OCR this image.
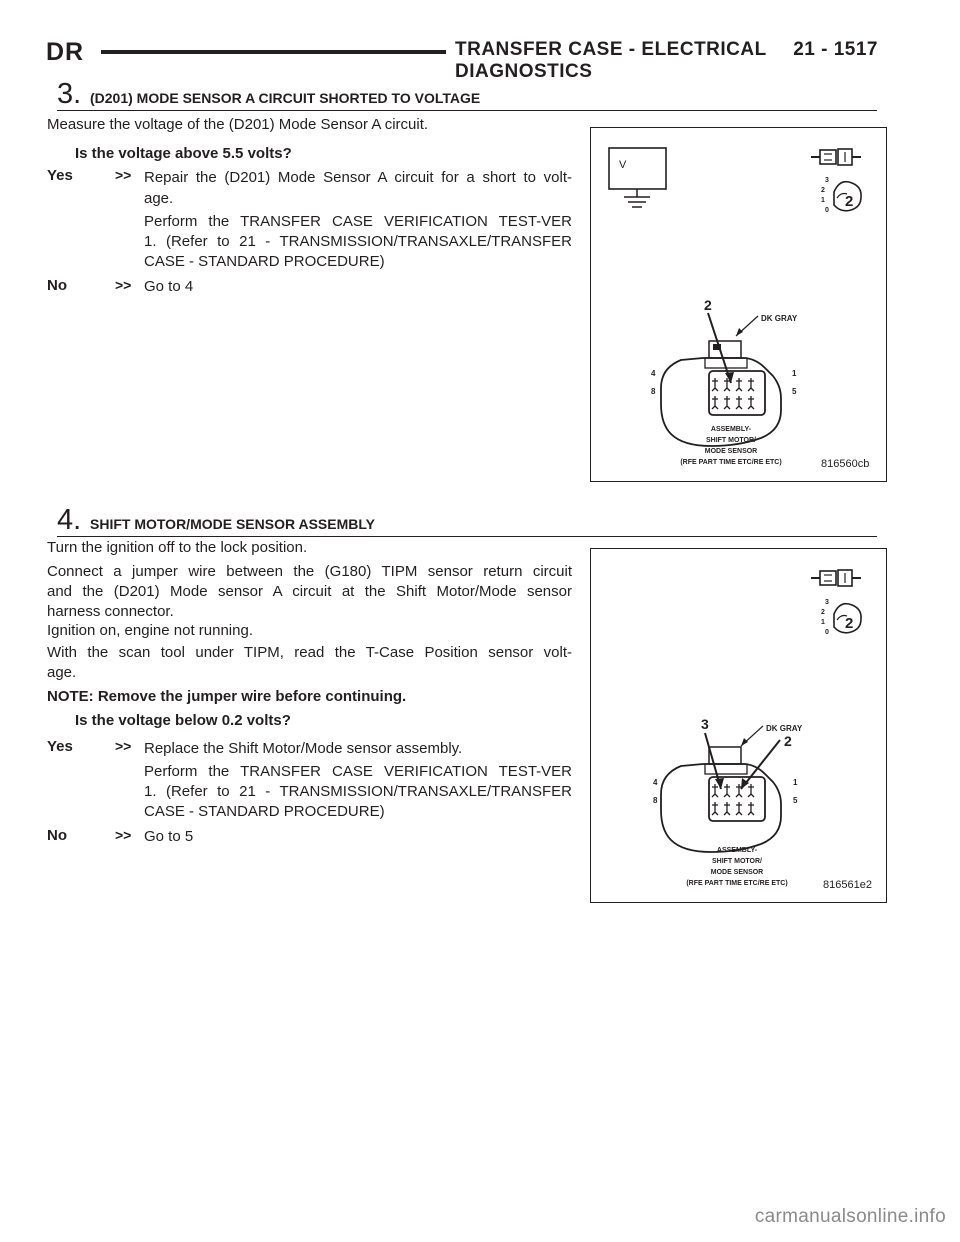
DR	TRANSFER CASE - ELECTRICAL DIAGNOSTICS
21 - 1517
3. (D201) MODE SENSOR A CIRCUIT SHORTED TO VOLTAGE
Measure the voltage of the (D201) Mode Sensor A circuit.
Is the voltage above 5.5 volts?
Yes	>> Repair the (D201) Mode Sensor A circuit for a short to volt-
age.
Perform the TRANSFER CASE VERIFICATION TEST-VER
1. (Refer to 21 - TRANSMISSION/TRANSAXLE/TRANSFER
CASE - STANDARD PROCEDURE)
No	>> Go to 4
V
3
2
1
0
2
2
DK GRAY
4
8
1
5
ASSEMBLY-
SHIFT MOTOR/
MODE SENSOR
(RFE PART TIME ETC/RE ETC)	816560cb
4. SHIFT MOTOR/MODE SENSOR ASSEMBLY
Turn the ignition off to the lock position.
Connect a jumper wire between the (G180) TIPM sensor return circuit
and the (D201) Mode sensor A circuit at the Shift Motor/Mode sensor
harness connector.
Ignition on, engine not running.
With the scan tool under TIPM, read the T-Case Position sensor volt-
age.
NOTE: Remove the jumper wire before continuing.
Is the voltage below 0.2 volts?
Yes	>> Replace the Shift Motor/Mode sensor assembly.
Perform the TRANSFER CASE VERIFICATION TEST-VER
1. (Refer to 21 - TRANSMISSION/TRANSAXLE/TRANSFER
CASE - STANDARD PROCEDURE)
No	>> Go to 5
3
2
1
0
2
3
2
DK GRAY
4
8
1
5
ASSEMBLY-
SHIFT MOTOR/
MODE SENSOR
(RFE PART TIME ETC/RE ETC)	816561e2
carmanualsonline.info
